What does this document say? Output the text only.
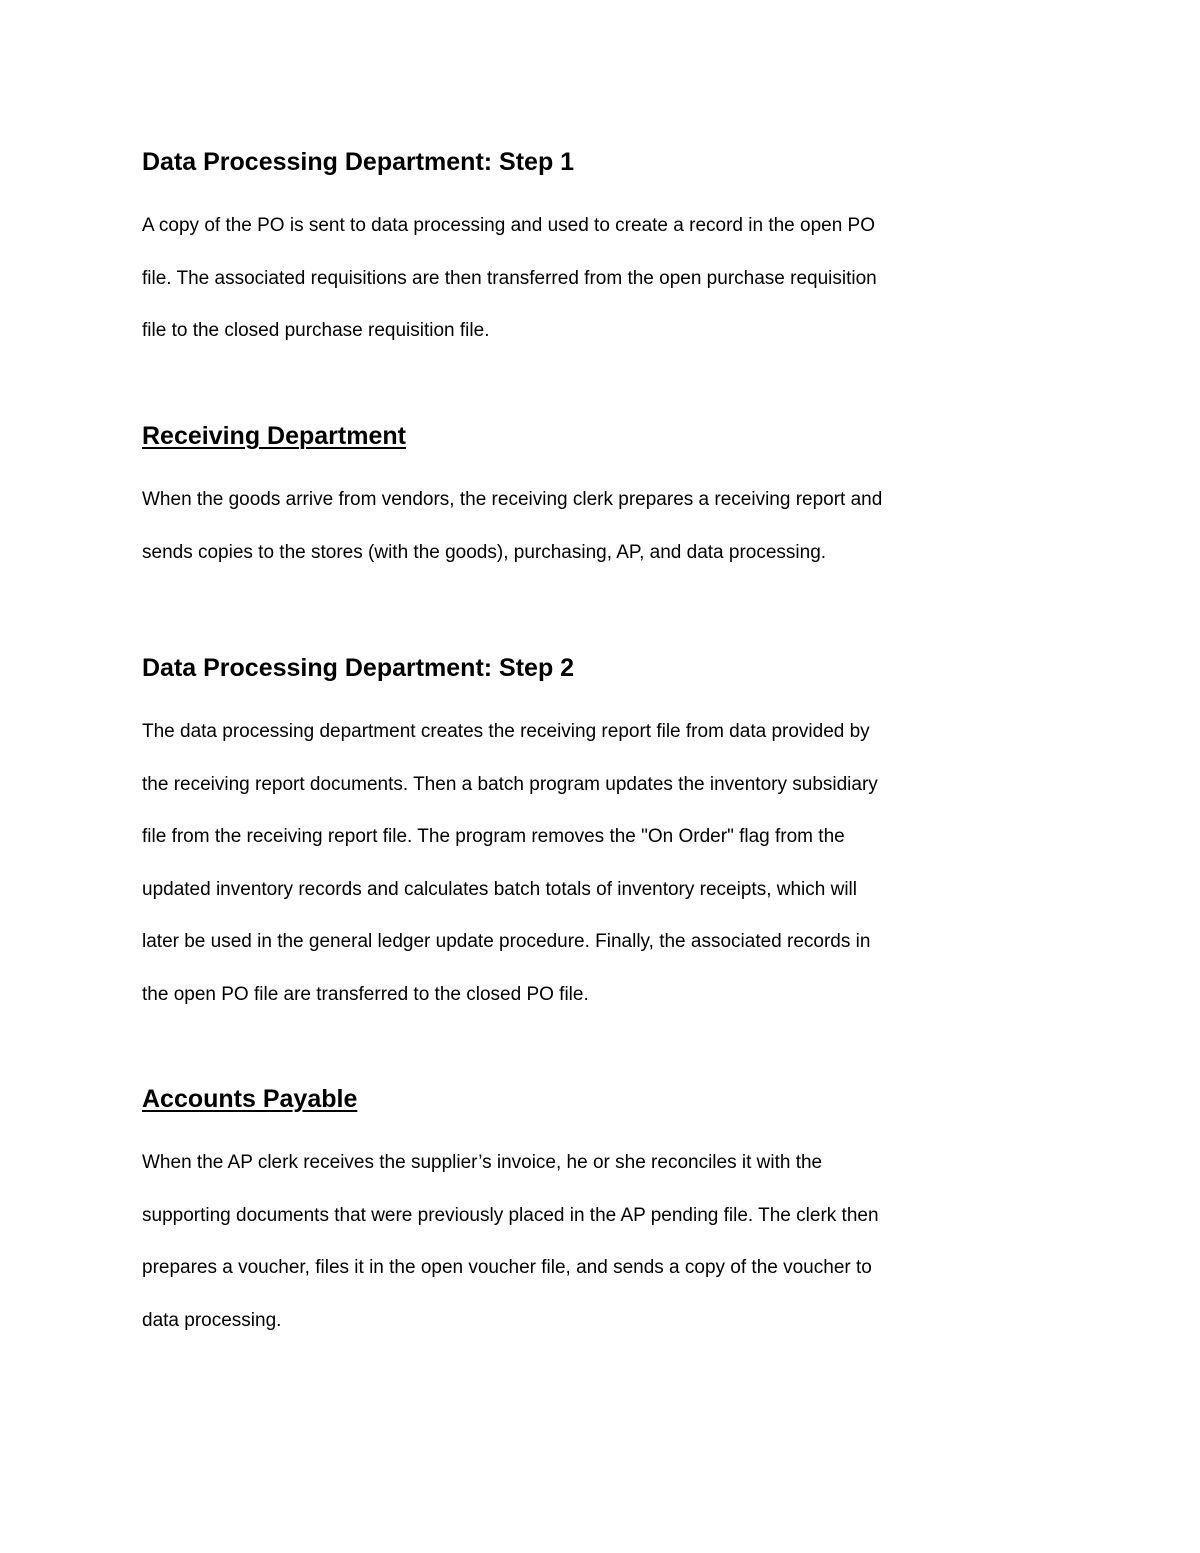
Data Processing Department: Step 1

A copy of the PO is sent to data processing and used to create a record in the open PO
file. The associated requisitions are then transferred from the open purchase requisition
file to the closed purchase requisition file.

Receiving Department

When the goods arrive from vendors, the receiving clerk prepares a receiving report and
sends copies to the stores (with the goods), purchasing, AP, and data processing.

Data Processing Department: Step 2

The data processing department creates the receiving report file from data provided by
the receiving report documents. Then a batch program updates the inventory subsidiary
file from the receiving report file. The program removes the "On Order" flag from the
updated inventory records and calculates batch totals of inventory receipts, which will
later be used in the general ledger update procedure. Finally, the associated records in
the open PO file are transferred to the closed PO file.

Accounts Payable

When the AP clerk receives the supplier’s invoice, he or she reconciles it with the
supporting documents that were previously placed in the AP pending file. The clerk then
prepares a voucher, files it in the open voucher file, and sends a copy of the voucher to
data processing.
